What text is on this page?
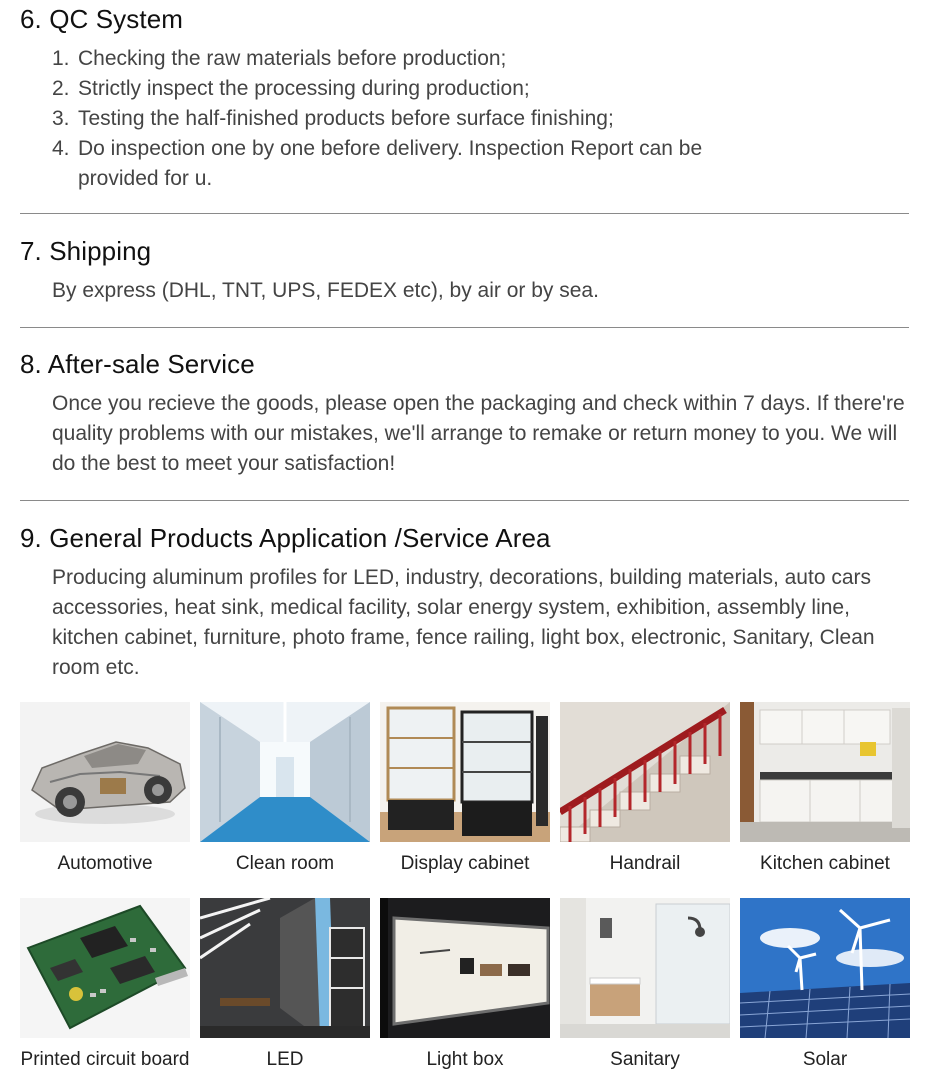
6. QC System
1. Checking the raw materials before production;
2. Strictly inspect the processing during production;
3. Testing the half-finished products before surface finishing;
4. Do inspection one by one before delivery. Inspection Report can be provided for u.
7. Shipping

By express (DHL, TNT, UPS, FEDEX etc), by air or by sea.

8. After-sale Service

Once you recieve the goods, please open the packaging and check within 7 days. If there're quality problems with our mistakes, we'll arrange to remake or return money to you. We will do the best to meet your satisfaction!

9. General Products Application /Service Area

Producing aluminum profiles for LED, industry, decorations, building materials, auto cars accessories, heat sink, medical facility, solar energy system, exhibition, assembly line, kitchen cabinet, furniture, photo frame, fence railing, light box, electronic, Sanitary, Clean room etc.

Automotive	Clean room	Display cabinet	Handrail	Kitchen cabinet
Printed circuit board	LED	Light box	Sanitary	Solar
